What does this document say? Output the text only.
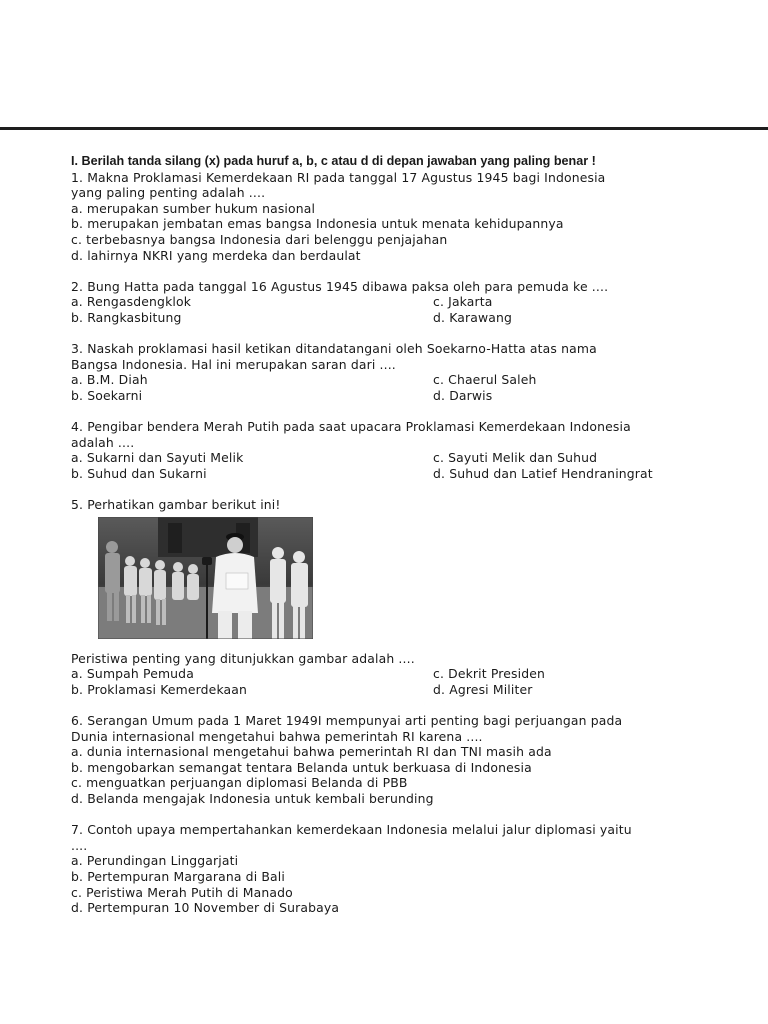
I. Berilah tanda silang (x) pada huruf a, b, c atau d di depan jawaban yang paling benar !
1. Makna Proklamasi Kemerdekaan RI pada tanggal 17 Agustus 1945 bagi Indonesia
yang paling penting adalah ....
a. merupakan sumber hukum nasional
b. merupakan jembatan emas bangsa Indonesia untuk menata kehidupannya
c. terbebasnya bangsa Indonesia dari belenggu penjajahan
d. lahirnya NKRI yang merdeka dan berdaulat
2. Bung Hatta pada tanggal 16 Agustus 1945 dibawa paksa oleh para pemuda ke ....
a. Rengasdengklok	c. Jakarta
b. Rangkasbitung	d. Karawang
3. Naskah proklamasi hasil ketikan ditandatangani oleh Soekarno-Hatta atas nama
Bangsa Indonesia. Hal ini merupakan saran dari ....
a. B.M. Diah	c. Chaerul Saleh
b. Soekarni	d. Darwis
4. Pengibar bendera Merah Putih pada saat upacara Proklamasi Kemerdekaan Indonesia
adalah ....
a. Sukarni dan Sayuti Melik	c. Sayuti Melik dan Suhud
b. Suhud dan Sukarni	d. Suhud dan Latief Hendraningrat
5. Perhatikan gambar berikut ini!
Peristiwa penting yang ditunjukkan gambar adalah ....
a. Sumpah Pemuda	c. Dekrit Presiden
b. Proklamasi Kemerdekaan	d. Agresi Militer
6. Serangan Umum pada 1 Maret 1949I mempunyai arti penting bagi perjuangan pada
Dunia internasional mengetahui bahwa pemerintah RI karena ....
a. dunia internasional mengetahui bahwa pemerintah RI dan TNI masih ada
b. mengobarkan semangat tentara Belanda untuk berkuasa di Indonesia
c. menguatkan perjuangan diplomasi Belanda di PBB
d. Belanda mengajak Indonesia untuk kembali berunding
7. Contoh upaya mempertahankan kemerdekaan Indonesia melalui jalur diplomasi yaitu
....
a. Perundingan Linggarjati
b. Pertempuran Margarana di Bali
c. Peristiwa Merah Putih di Manado
d. Pertempuran 10 November di Surabaya
